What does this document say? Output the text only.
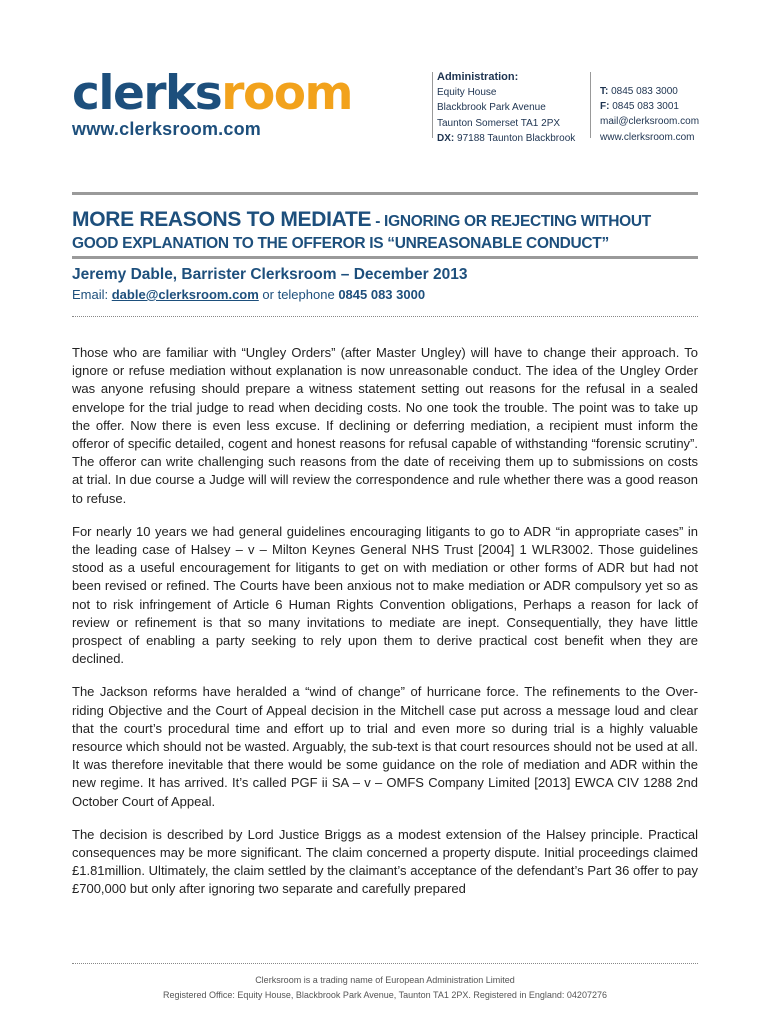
clerksroom
www.clerksroom.com
Administration:
Equity House
Blackbrook Park Avenue
Taunton Somerset TA1 2PX
DX: 97188 Taunton Blackbrook
T: 0845 083 3000
F: 0845 083 3001
mail@clerksroom.com
www.clerksroom.com
MORE REASONS TO MEDIATE - IGNORING OR REJECTING WITHOUT
GOOD EXPLANATION TO THE OFFEROR IS “UNREASONABLE CONDUCT”
Jeremy Dable, Barrister Clerksroom – December 2013
Email: dable@clerksroom.com or telephone 0845 083 3000

Those who are familiar with “Ungley Orders” (after Master Ungley) will have to change their approach. To ignore or refuse mediation without explanation is now unreasonable conduct. The idea of the Ungley Order was anyone refusing should prepare a witness statement setting out reasons for the refusal in a sealed envelope for the trial judge to read when deciding costs. No one took the trouble. The point was to take up the offer. Now there is even less excuse. If declining or deferring mediation, a recipient must inform the offeror of specific detailed, cogent and honest reasons for refusal capable of withstanding “forensic scrutiny”. The offeror can write challenging such reasons from the date of receiving them up to submissions on costs at trial. In due course a Judge will will review the correspondence and rule whether there was a good reason to refuse.

For nearly 10 years we had general guidelines encouraging litigants to go to ADR “in appropriate cases” in the leading case of Halsey – v – Milton Keynes General NHS Trust [2004] 1 WLR3002. Those guidelines stood as a useful encouragement for litigants to get on with mediation or other forms of ADR but had not been revised or refined. The Courts have been anxious not to make mediation or ADR compulsory yet so as not to risk infringement of Article 6 Human Rights Convention obligations, Perhaps a reason for lack of review or refinement is that so many invitations to mediate are inept. Consequentially, they have little prospect of enabling a party seeking to rely upon them to derive practical cost benefit when they are declined.

The Jackson reforms have heralded a “wind of change” of hurricane force. The refinements to the Over-riding Objective and the Court of Appeal decision in the Mitchell case put across a message loud and clear that the court’s procedural time and effort up to trial and even more so during trial is a highly valuable resource which should not be wasted. Arguably, the sub-text is that court resources should not be used at all. It was therefore inevitable that there would be some guidance on the role of mediation and ADR within the new regime. It has arrived. It’s called PGF ii SA – v – OMFS Company Limited [2013] EWCA CIV 1288 2nd October Court of Appeal.

The decision is described by Lord Justice Briggs as a modest extension of the Halsey principle. Practical consequences may be more significant. The claim concerned a property dispute. Initial proceedings claimed £1.81million. Ultimately, the claim settled by the claimant’s acceptance of the defendant’s Part 36 offer to pay £700,000 but only after ignoring two separate and carefully prepared

Clerksroom is a trading name of European Administration Limited
Registered Office: Equity House, Blackbrook Park Avenue, Taunton TA1 2PX. Registered in England: 04207276
